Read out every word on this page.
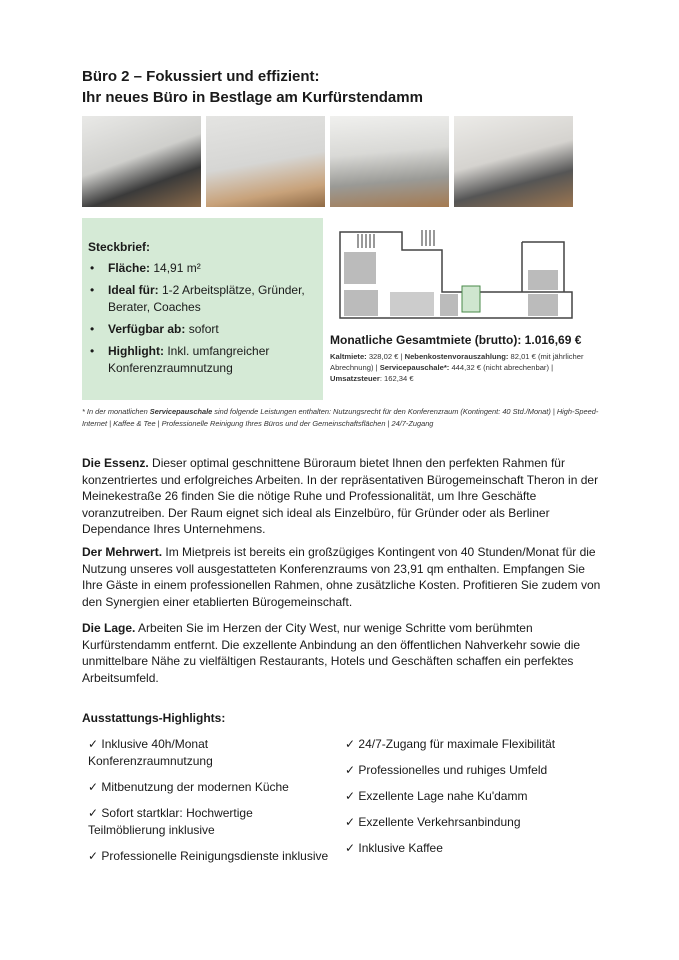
Büro 2 – Fokussiert und effizient:
Ihr neues Büro in Bestlage am Kurfürstendamm
Steckbrief:
• Fläche: 14,91 m²
• Ideal für: 1-2 Arbeitsplätze, Gründer, Berater, Coaches
• Verfügbar ab: sofort
• Highlight: Inkl. umfangreicher Konferenzraumnutzung
Monatliche Gesamtmiete (brutto): 1.016,69 €
Kaltmiete: 328,02 € | Nebenkostenvorauszahlung: 82,01 € (mit jährlicher Abrechnung) | Servicepauschale*: 444,32 € (nicht abrechenbar) | Umsatzsteuer: 162,34 €
* In der monatlichen Servicepauschale sind folgende Leistungen enthalten: Nutzungsrecht für den Konferenzraum (Kontingent: 40 Std./Monat) | High-Speed-Internet | Kaffee & Tee | Professionelle Reinigung Ihres Büros und der Gemeinschaftsflächen | 24/7-Zugang

Die Essenz. Dieser optimal geschnittene Büroraum bietet Ihnen den perfekten Rahmen für konzentriertes und erfolgreiches Arbeiten. In der repräsentativen Bürogemeinschaft Theron in der Meinekestraße 26 finden Sie die nötige Ruhe und Professionalität, um Ihre Geschäfte voranzutreiben. Der Raum eignet sich ideal als Einzelbüro, für Gründer oder als Berliner Dependance Ihres Unternehmens.

Der Mehrwert. Im Mietpreis ist bereits ein großzügiges Kontingent von 40 Stunden/Monat für die Nutzung unseres voll ausgestatteten Konferenzraums von 23,91 qm enthalten. Empfangen Sie Ihre Gäste in einem professionellen Rahmen, ohne zusätzliche Kosten. Profitieren Sie zudem von den Synergien einer etablierten Bürogemeinschaft.

Die Lage. Arbeiten Sie im Herzen der City West, nur wenige Schritte vom berühmten Kurfürstendamm entfernt. Die exzellente Anbindung an den öffentlichen Nahverkehr sowie die unmittelbare Nähe zu vielfältigen Restaurants, Hotels und Geschäften schaffen ein perfektes Arbeitsumfeld.

Ausstattungs-Highlights:
✓ Inklusive 40h/Monat Konferenzraumnutzung
✓ Mitbenutzung der modernen Küche
✓ Sofort startklar: Hochwertige Teilmöblierung inklusive
✓ Professionelle Reinigungsdienste inklusive
✓ 24/7-Zugang für maximale Flexibilität
✓ Professionelles und ruhiges Umfeld
✓ Exzellente Lage nahe Ku'damm
✓ Exzellente Verkehrsanbindung
✓ Inklusive Kaffee
